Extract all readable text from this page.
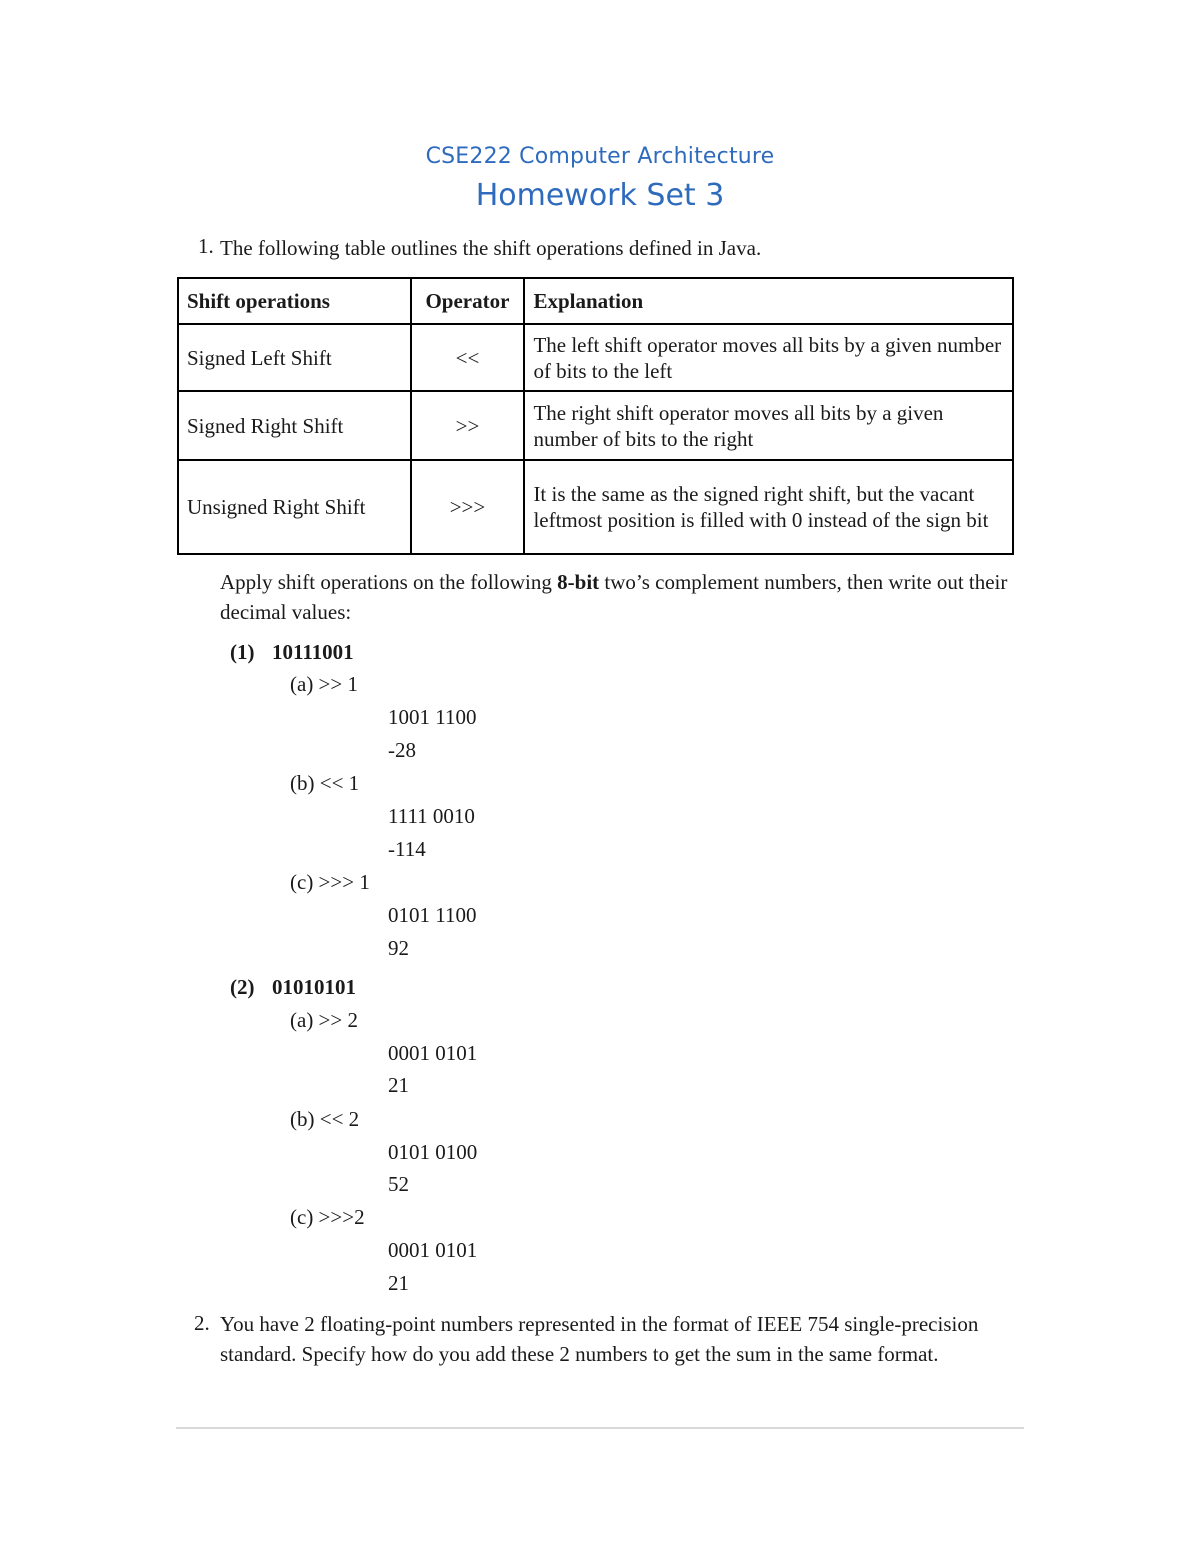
CSE222 Computer Architecture
Homework Set 3
1. The following table outlines the shift operations defined in Java.
Shift operations	Operator	Explanation
Signed Left Shift	<<	The left shift operator moves all bits by a given number of bits to the left
Signed Right Shift	>>	The right shift operator moves all bits by a given number of bits to the right
Unsigned Right Shift	>>>	It is the same as the signed right shift, but the vacant leftmost position is filled with 0 instead of the sign bit
Apply shift operations on the following 8-bit two’s complement numbers, then write out their decimal values:
(1) 10111001
(a) >> 1
1001 1100
-28
(b) << 1
1111 0010
-114
(c) >>> 1
0101 1100
92
(2) 01010101
(a) >> 2
0001 0101
21
(b) << 2
0101 0100
52
(c) >>>2
0001 0101
21
2. You have 2 floating-point numbers represented in the format of IEEE 754 single-precision standard. Specify how do you add these 2 numbers to get the sum in the same format.
